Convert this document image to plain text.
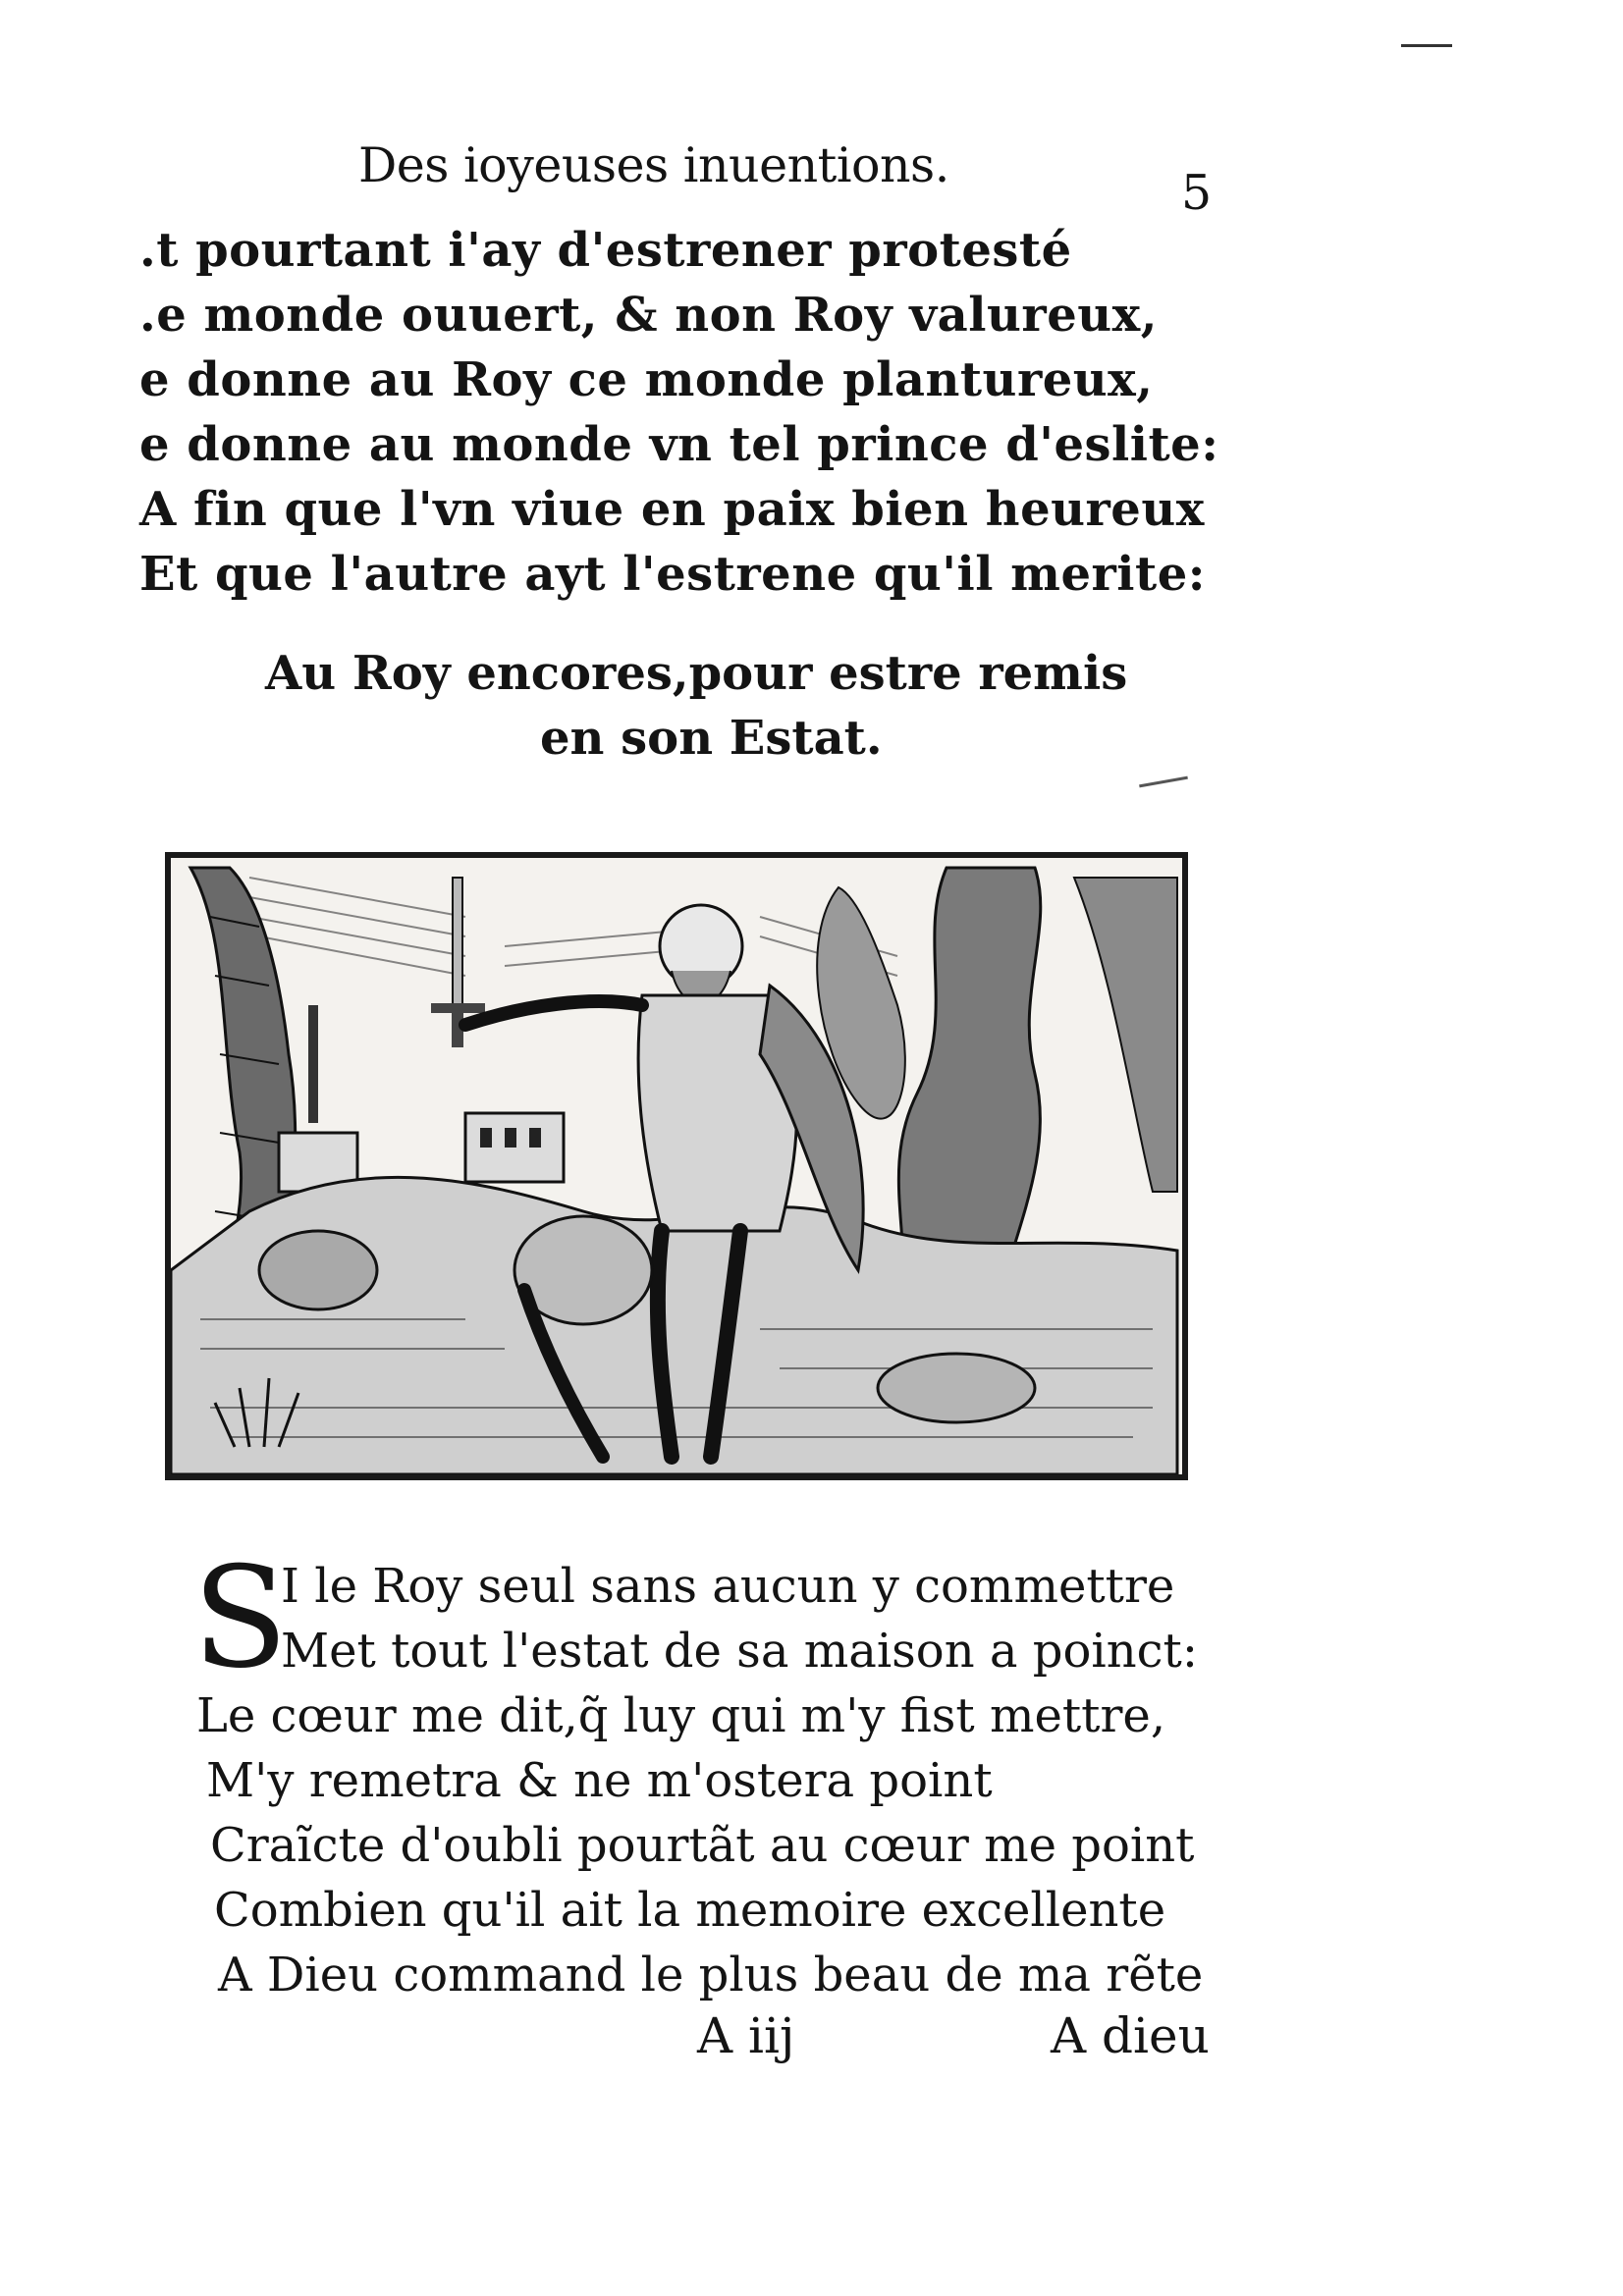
Des ioyeuses inuentions.	5
.t pourtant i'ay d'estrener protesté
.e monde ouuert, & non Roy valureux,
e donne au Roy ce monde plantureux,
e donne au monde vn tel prince d'eslite:
A fin que l'vn viue en paix bien heureux
Et que l'autre ayt l'estrene qu'il merite:
Au Roy encores,pour estre remis
en son Estat.
S
I le Roy seul sans aucun y commettre
Met tout l'estat de sa maison a poinct:
Le cœur me dit,q̃ luy qui m'y fist mettre,
M'y remetra & ne m'ostera point
Craĩcte d'oubli pourtãt au cœur me point
Combien qu'il ait la memoire excellente
A Dieu command le plus beau de ma rẽte
A iij	A dieu
